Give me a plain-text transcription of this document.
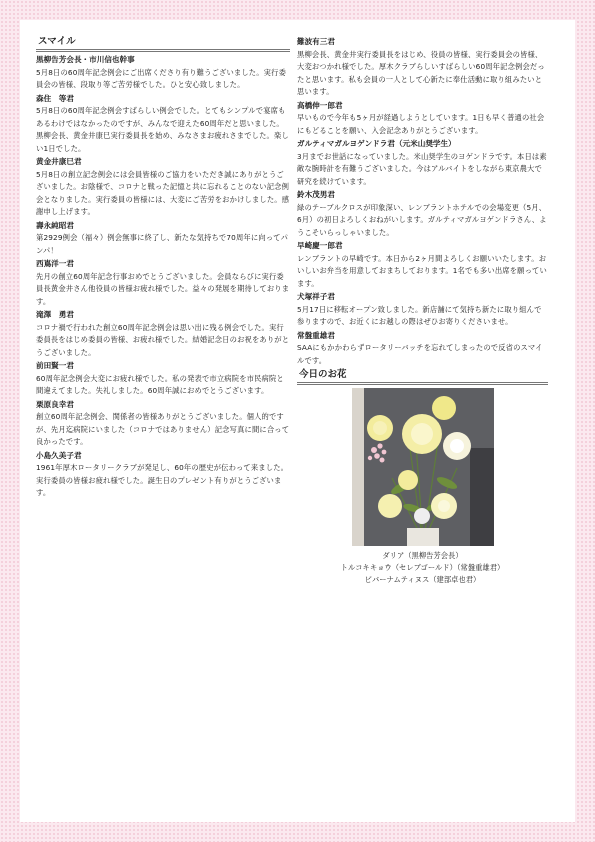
スマイル
黒柳告芳会長・市川信也幹事
5月8日の60周年記念例会にご出席くださり有り難うございました。実行委員会の皆様、段取り等ご苦労様でした。ひと安心致しました。
森住　等君
5月8日の60周年記念例会すばらしい例会でした。とてもシンプルで宴席もあるわけではなかったのですが、みんなで迎えた60周年だと思いました。黒柳会長、黄金井康巳実行委員長を始め、みなさまお疲れさまでした。楽しい1日でした。
黄金井康巳君
5月8日の創立記念例会には会員皆様のご協力をいただき誠にありがとうございました。お陰様で、コロナと戦った記憶と共に忘れることのない記念例会となりました。実行委員の皆様には、大変にご苦労をおかけしました。感謝申し上げます。
壽永純昭君
第2929例会（福々）例会無事に終了し、新たな気持ちで70周年に向ってパンパ！
西嶌洋一君
先月の創立60周年記念行事おめでとうございました。会員ならびに実行委員長黄金井さん他役員の皆様お疲れ様でした。益々の発展を期待しております。
滝澤　勇君
コロナ禍で行われた創立60周年記念例会は思い出に残る例会でした。実行委員長をはじめ委員の皆様、お疲れ様でした。結婚記念日のお祝をありがとうございました。
前田賢一君
60周年記念例会大変にお疲れ様でした。私の発表で市立病院を市民病院と間違えてました。失礼しました。60周年誠におめでとうございます。
栗原良幸君
創立60周年記念例会、関係者の皆様ありがとうございました。個人的ですが、先月迄病院にいました（コロナではありません）記念写真に間に合って良かったです。
小島久美子君
1961年厚木ロータリークラブが発足し、60年の歴史が伝わって来ました。実行委員の皆様お疲れ様でした。誕生日のプレゼント有りがとうございます。
難波有三君
黒柳会長、黄金井実行委員長をはじめ、役員の皆様、実行委員会の皆様、大変おつかれ様でした。厚木クラブらしいすばらしい60周年記念例会だったと思います。私も会員の一人として心新たに奉仕活動に取り組みたいと思います。
高橋伸一郎君
早いもので今年も5ヶ月が経過しようとしています。1日も早く普通の社会にもどることを願い、入会記念ありがとうございます。
ガルティマガルヨゲンドラ君（元米山奨学生）
3月までお世話になっていました。米山奨学生のヨゲンドラです。本日は素敵な腕時計を有難うございました。今はアルバイトをしながら東京農大で研究を続けています。
鈴木茂男君
緑のテーブルクロスが印象深い、レンブラントホテルでの会場変更（5月、6月）の初日よろしくおねがいします。ガルティマガルヨゲンドラさん、ようこそいらっしゃいました。
早崎慶一郎君
レンブラントの早崎です。本日から2ヶ月間よろしくお願いいたします。おいしいお弁当を用意しておまちしております。1名でも多い出席を願っています。
犬塚祥子君
5月17日に移転オープン致しました。新店舗にて気持ち新たに取り組んで参りますので、お近くにお越しの際はぜひお寄りくださいませ。
常盤重雄君
SAAにもかかわらずロータリーバッチを忘れてしまったので反省のスマイルです。
今日のお花
ダリア（黒柳告芳会長）
トルコキキョウ（セレブゴールド）（常盤重雄君）
ビバーナムティヌス（建部卓也君）
